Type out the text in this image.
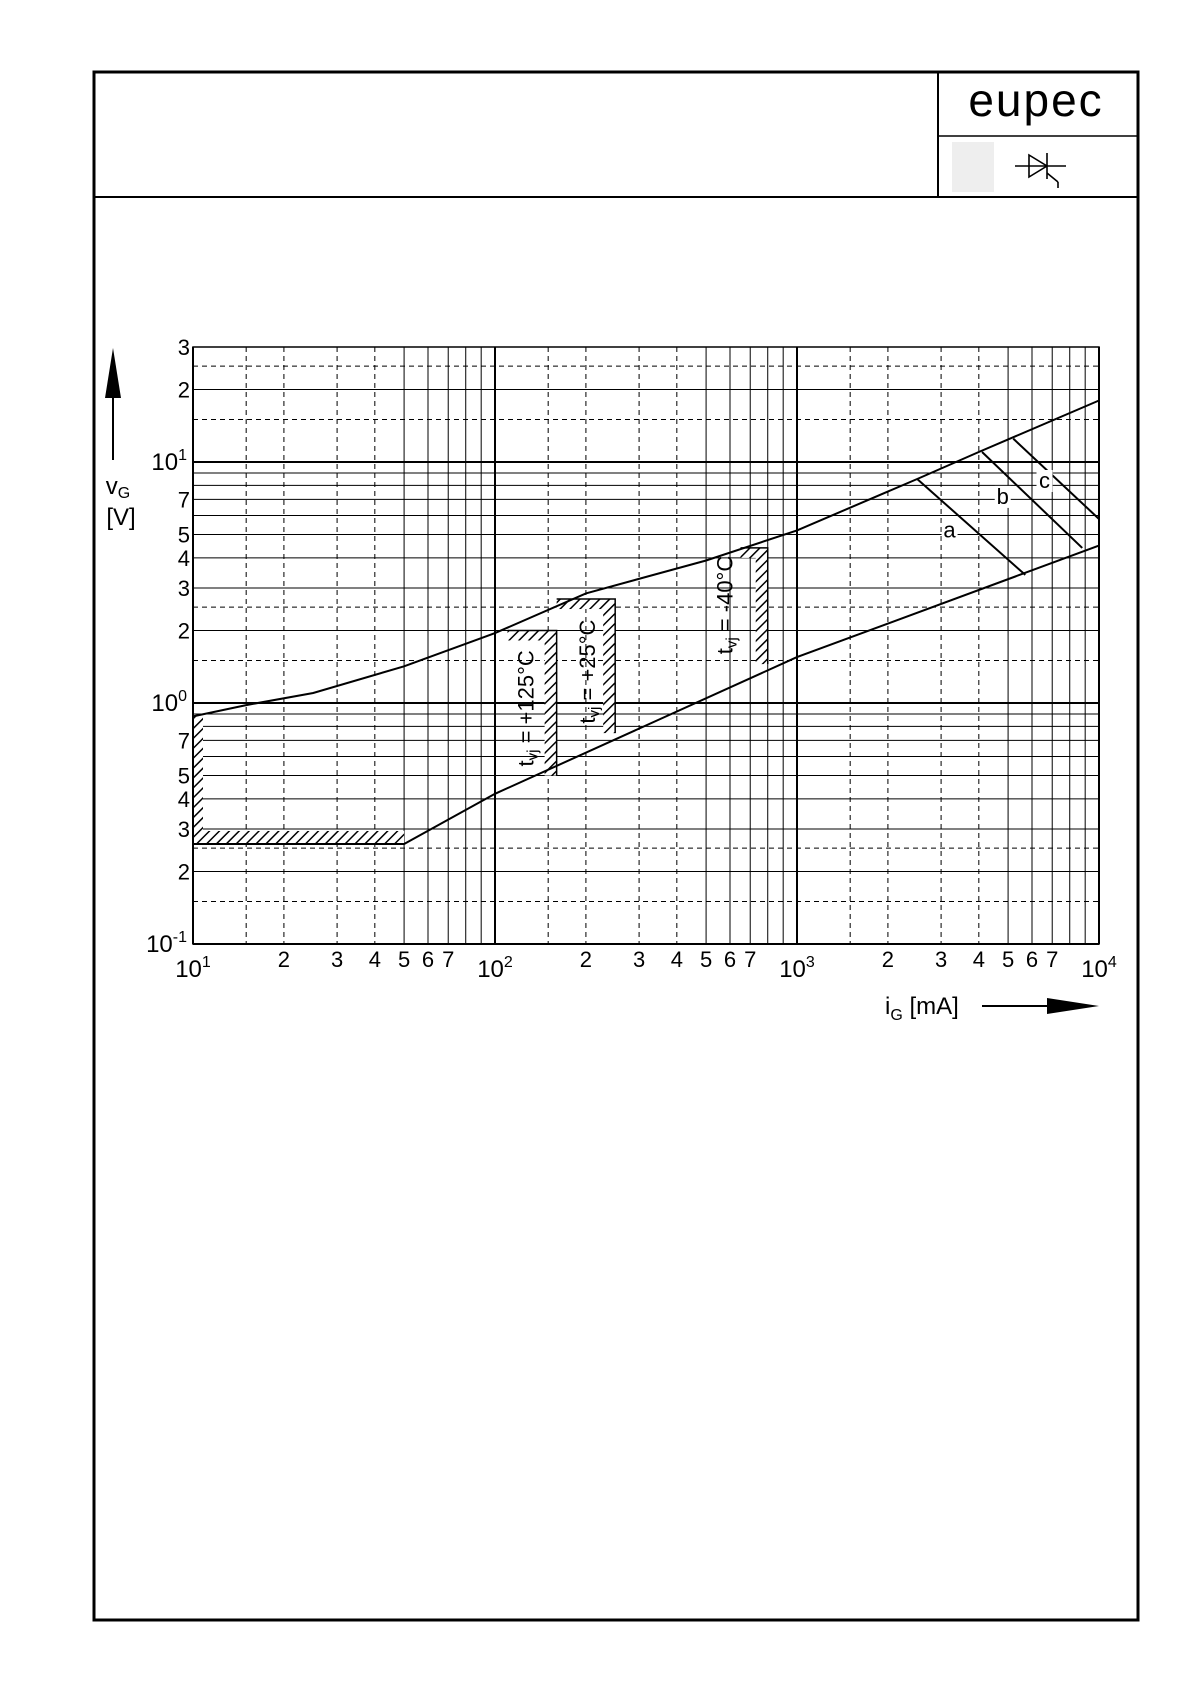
eupec
a
b
c
$t_{vj} = +125^\circ C$ $t_{vj} = +25^\circ C$	$t_{vj} = -40^\circ C$
$10^1$	$10^2$	$10^3$	$10^4$
2 3 4 5 6 7	2 3 4 5 6 7	2 3 4 5 6 7
$10^{-1}$
$10^0$
$10^1$
2
3
4
5
7
2
3
4
5
7
2
3
vG
[V]
$i_G$ [mA]
